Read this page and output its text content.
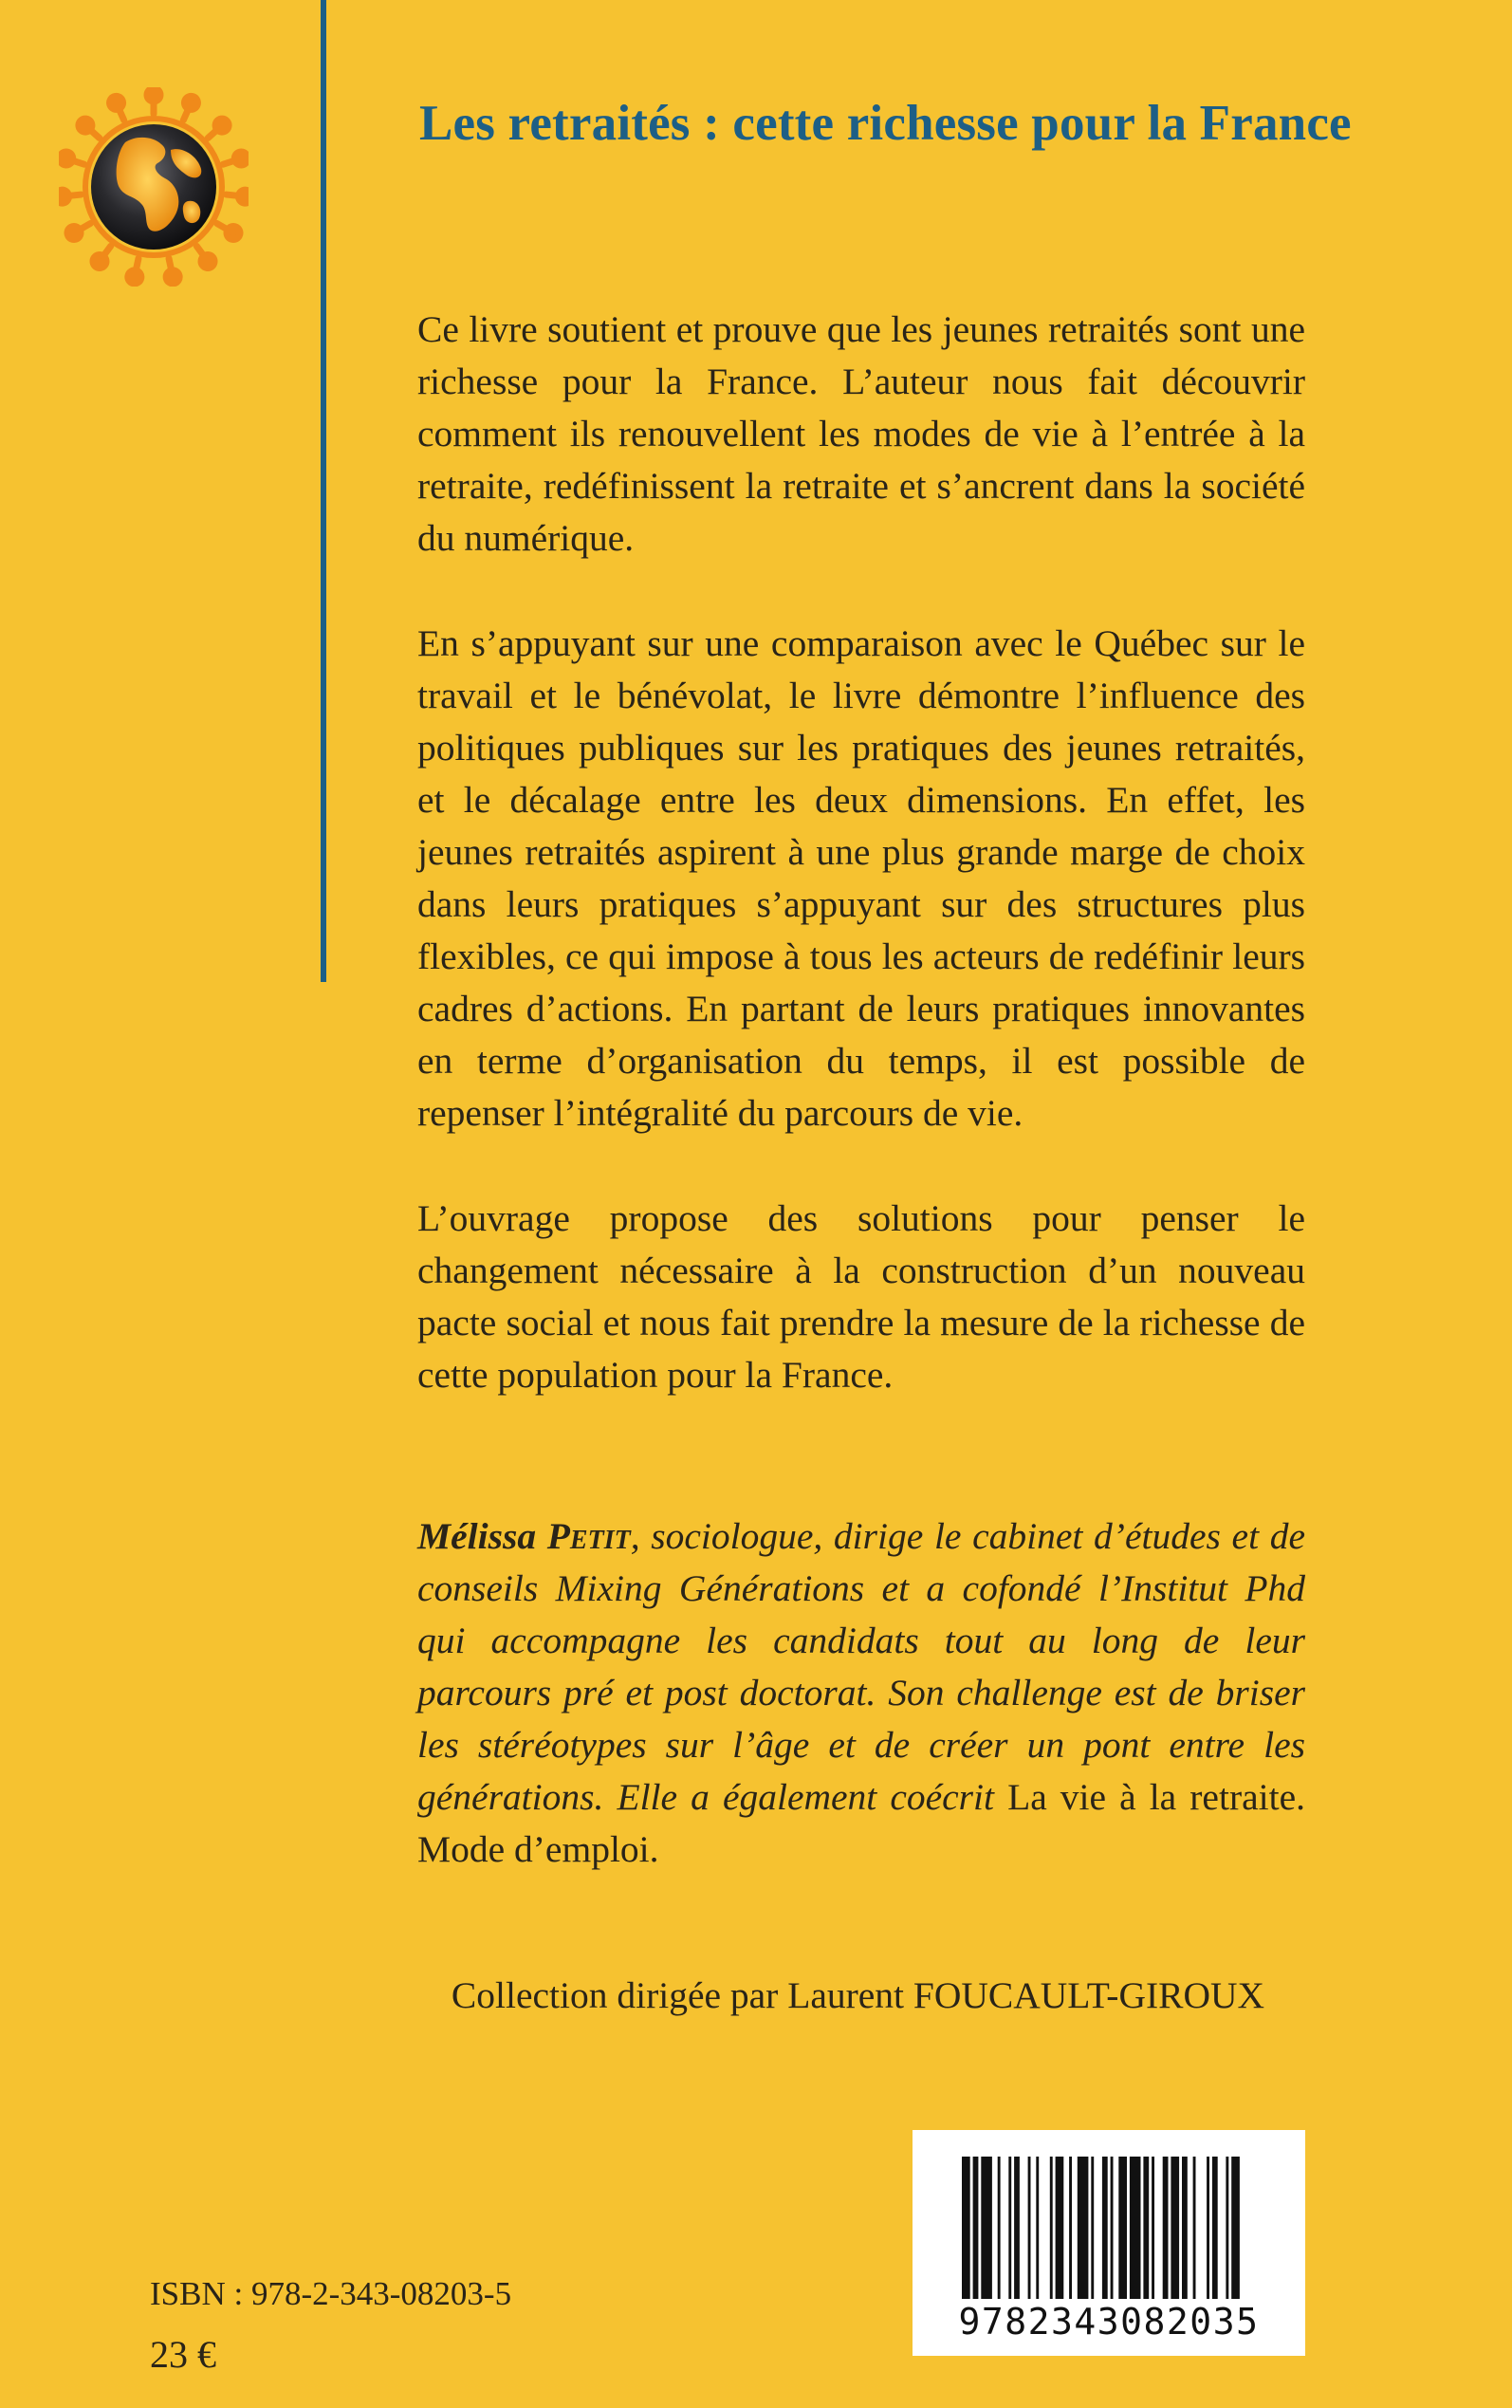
Les retraités : cette richesse pour la France

Ce livre soutient et prouve que les jeunes retraités sont une richesse pour la France. L’auteur nous fait découvrir comment ils renouvellent les modes de vie à l’entrée à la retraite, redéfinissent la retraite et s’ancrent dans la société du numérique.

En s’appuyant sur une comparaison avec le Québec sur le travail et le bénévolat, le livre démontre l’influence des politiques publiques sur les pratiques des jeunes retraités, et le décalage entre les deux dimensions. En effet, les jeunes retraités aspirent à une plus grande marge de choix dans leurs pratiques s’appuyant sur des structures plus flexibles, ce qui impose à tous les acteurs de redéfinir leurs cadres d’actions. En partant de leurs pratiques innovantes en terme d’organisation du temps, il est possible de repenser l’intégralité du parcours de vie.

L’ouvrage propose des solutions pour penser le changement nécessaire à la construction d’un nouveau pacte social et nous fait prendre la mesure de la richesse de cette population pour la France.

Mélissa Petit, sociologue, dirige le cabinet d’études et de conseils Mixing Générations et a cofondé l’Institut Phd qui accompagne les candidats tout au long de leur parcours pré et post doctorat. Son challenge est de briser les stéréotypes sur l’âge et de créer un pont entre les générations. Elle a également coécrit La vie à la retraite. Mode d’emploi.

Collection dirigée par Laurent FOUCAULT-GIROUX

ISBN : 978-2-343-08203-5

23 €

9782343082035
